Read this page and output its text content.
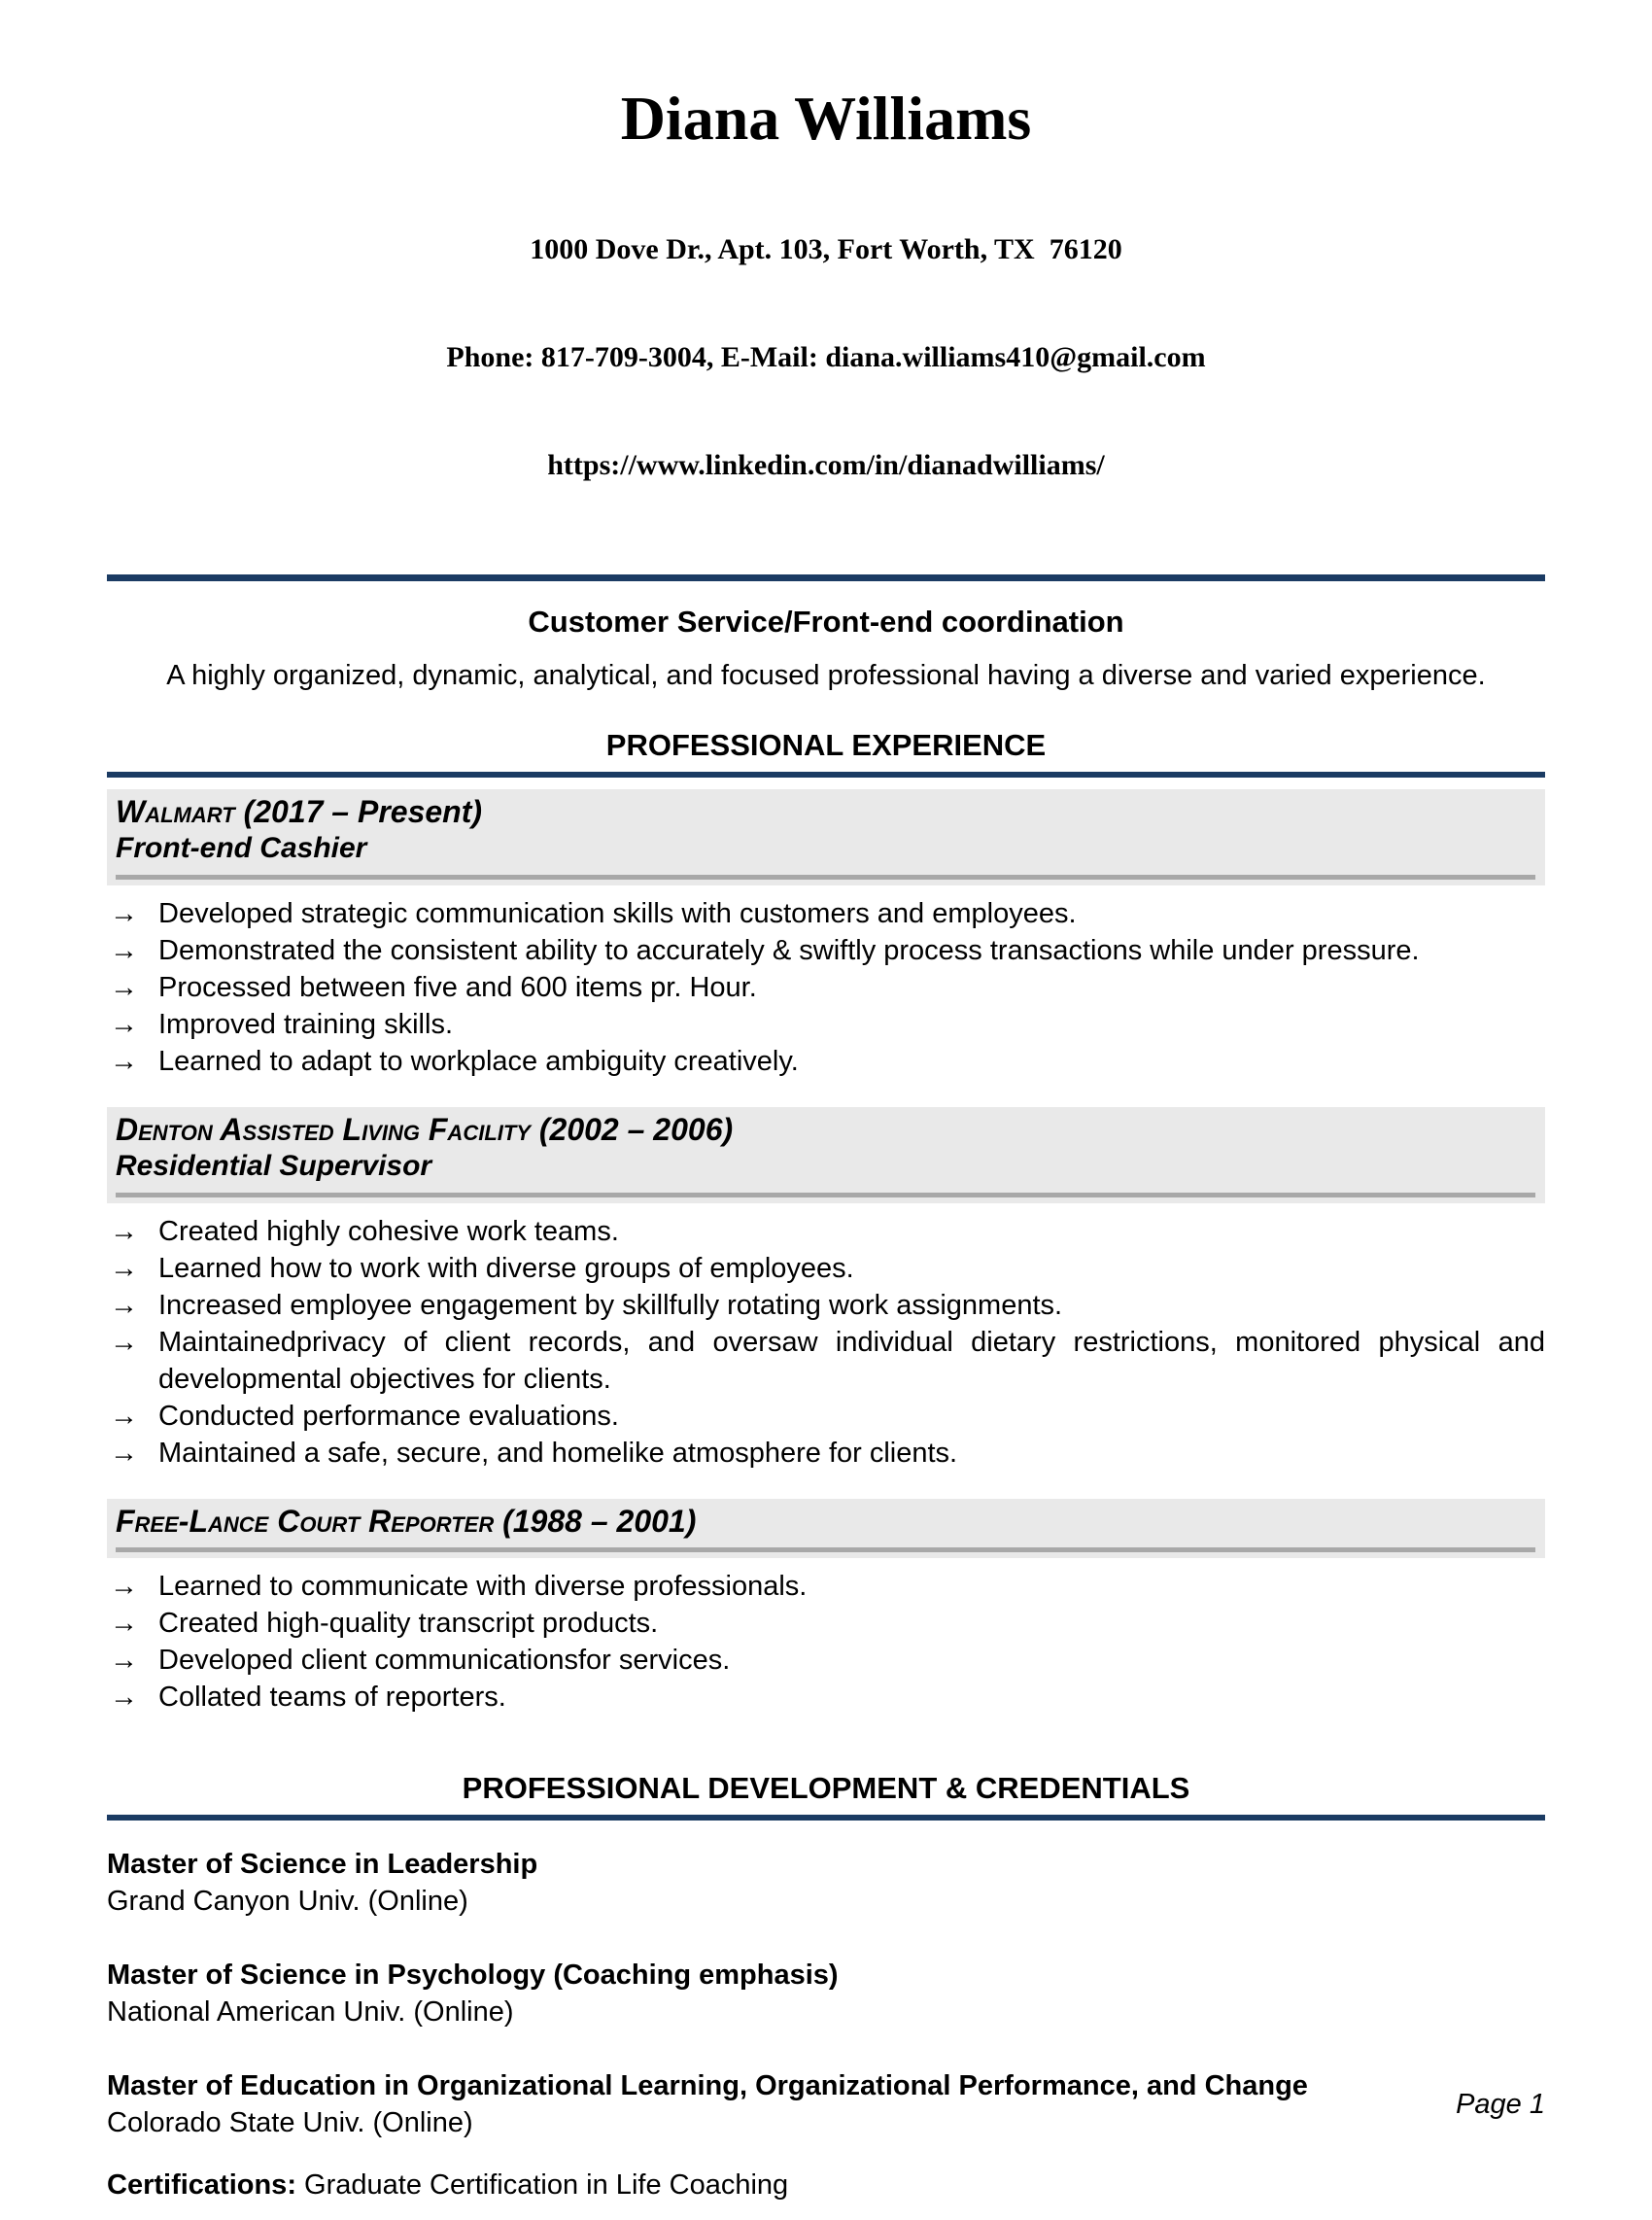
Diana Williams

1000 Dove Dr., Apt. 103, Fort Worth, TX  76120

Phone: 817-709-3004, E-Mail: diana.williams410@gmail.com

https://www.linkedin.com/in/dianadwilliams/

Customer Service/Front-end coordination
A highly organized, dynamic, analytical, and focused professional having a diverse and varied experience.
PROFESSIONAL EXPERIENCE
Walmart (2017 – Present)
Front-end Cashier
→ Developed strategic communication skills with customers and employees.
→ Demonstrated the consistent ability to accurately & swiftly process transactions while under pressure.
→ Processed between five and 600 items pr. Hour.
→ Improved training skills.
→ Learned to adapt to workplace ambiguity creatively.
Denton Assisted Living Facility (2002 – 2006)
Residential Supervisor
→ Created highly cohesive work teams.
→ Learned how to work with diverse groups of employees.
→ Increased employee engagement by skillfully rotating work assignments.
→ Maintainedprivacy of client records, and oversaw individual dietary restrictions, monitored physical and developmental objectives for clients.
→ Conducted performance evaluations.
→ Maintained a safe, secure, and homelike atmosphere for clients.
Free-Lance Court Reporter (1988 – 2001)
→ Learned to communicate with diverse professionals.
→ Created high-quality transcript products.
→ Developed client communicationsfor services.
→ Collated teams of reporters.
PROFESSIONAL DEVELOPMENT & CREDENTIALS
Master of Science in Leadership
Grand Canyon Univ. (Online)
Master of Science in Psychology (Coaching emphasis)
National American Univ. (Online)
Master of Education in Organizational Learning, Organizational Performance, and Change
Colorado State Univ. (Online)
Certifications: Graduate Certification in Life Coaching
Page 1
